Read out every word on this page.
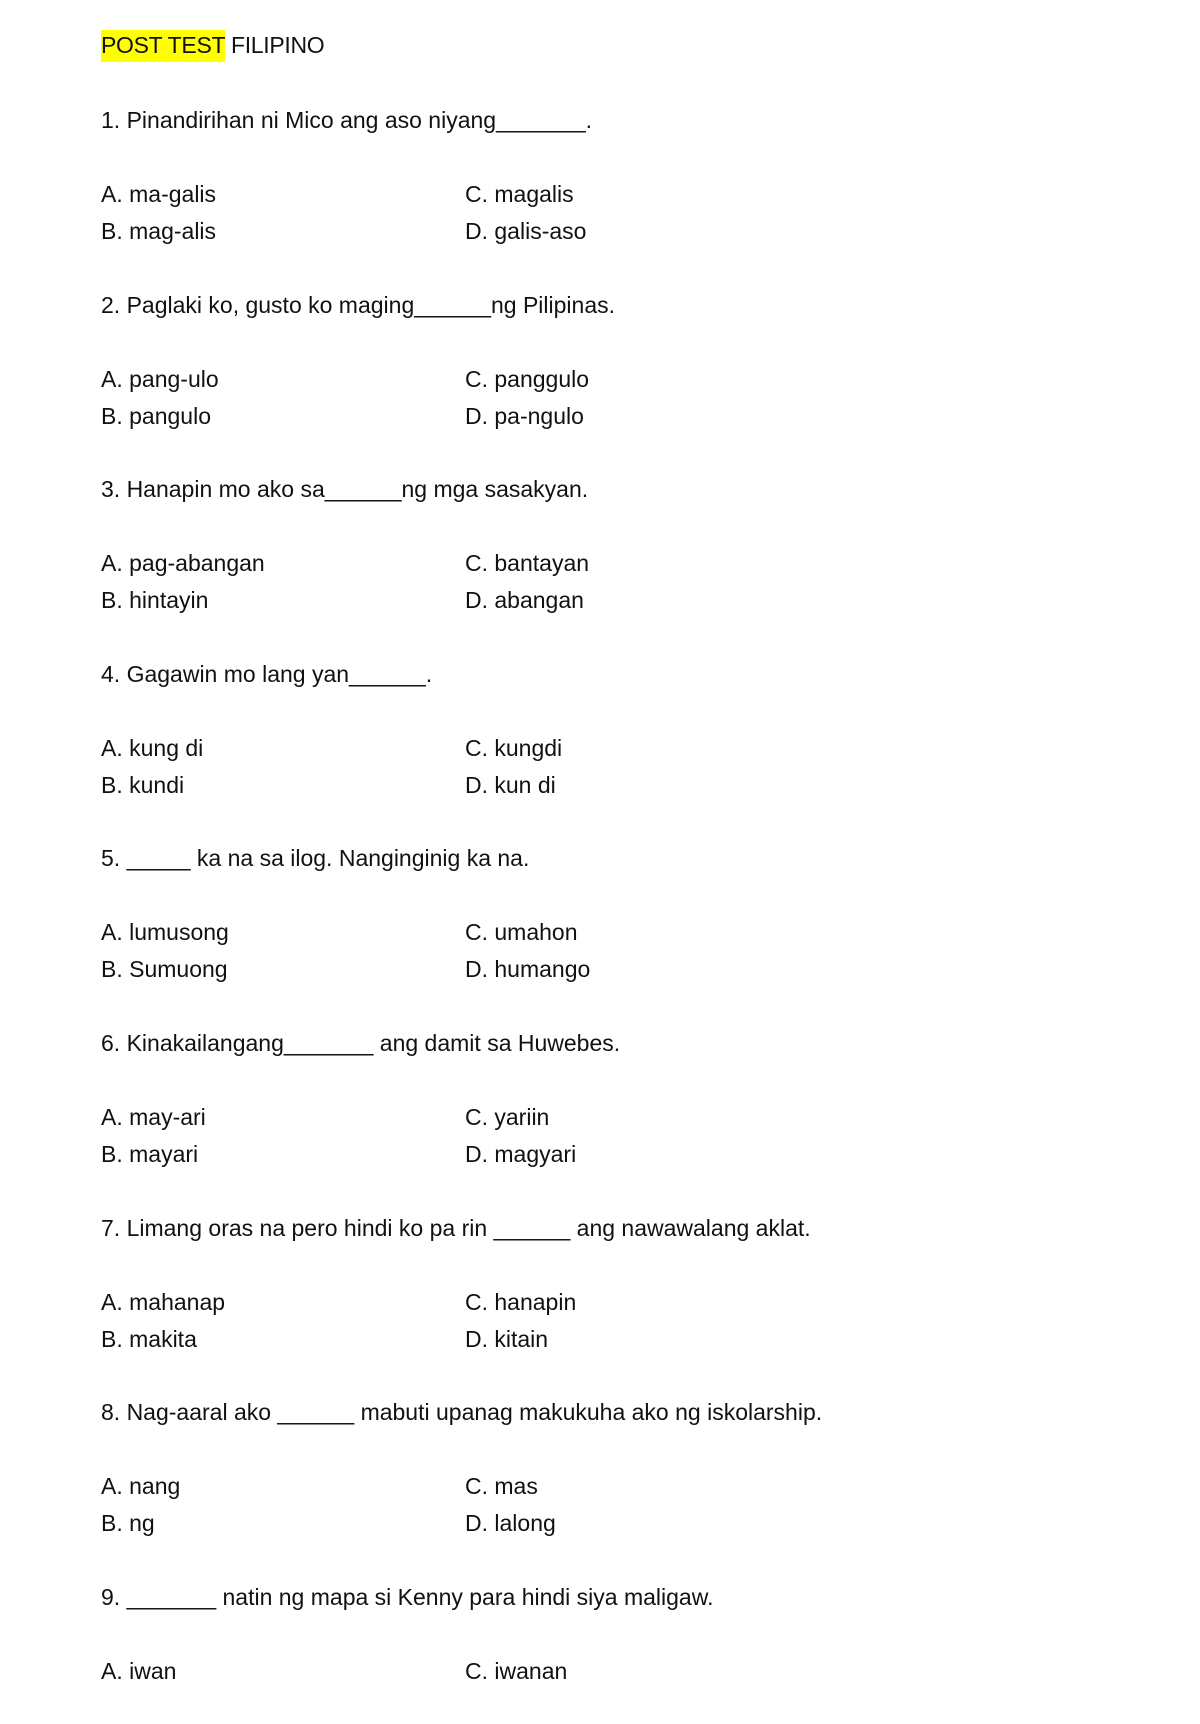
POST TEST FILIPINO
1. Pinandirihan ni Mico ang aso niyang_______.
A. ma-galis	C. magalis
B. mag-alis	D. galis-aso
2. Paglaki ko, gusto ko maging______ng Pilipinas.
A. pang-ulo	C. panggulo
B. pangulo	D. pa-ngulo
3. Hanapin mo ako sa______ng mga sasakyan.
A. pag-abangan	C. bantayan
B. hintayin	D. abangan
4. Gagawin mo lang yan______.
A. kung di	C. kungdi
B. kundi	D. kun di
5. _____ ka na sa ilog. Nanginginig ka na.
A. lumusong	C. umahon
B. Sumuong	D. humango
6. Kinakailangang_______ ang damit sa Huwebes.
A. may-ari	C. yariin
B. mayari	D. magyari
7. Limang oras na pero hindi ko pa rin ______ ang nawawalang aklat.
A. mahanap	C. hanapin
B. makita	D. kitain
8. Nag-aaral ako ______ mabuti upanag makukuha ako ng iskolarship.
A. nang	C. mas
B. ng	D. lalong
9. _______ natin ng mapa si Kenny para hindi siya maligaw.
A. iwan	C. iwanan
